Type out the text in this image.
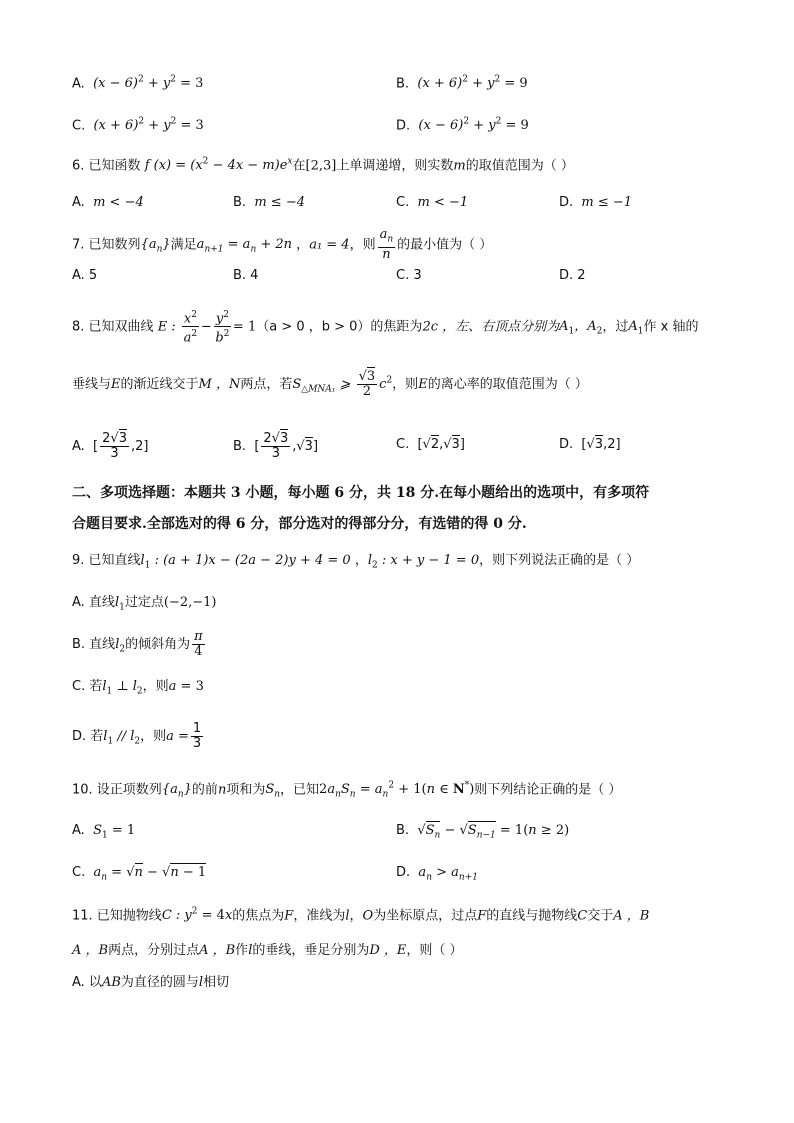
A. $(x - 6)^2 + y^2 = 3$	B. $(x + 6)^2 + y^2 = 9$
C. $(x + 6)^2 + y^2 = 3$	D. $(x - 6)^2 + y^2 = 9$
6. 已知函数 f $(x) = (x^2 - 4x - m)e^x$在[2,3]上单调递增，则实数m的取值范围为（ ）
A. m < −4	B. m ≤ −4	C. m < −1	D. m ≤ −1
7. 已知数列$\{a_n\}$满足$a_{n+1} = a_n + 2n$ ，a₁ = 4，则 $\frac{a_n}{n}$ 的最小值为（ ）
A. 5	B. 4	C. 3	D. 2
8. 已知双曲线 E : $\frac{x^2}{a^2} - \frac{y^2}{b^2} = 1(a > 0$ ，b > 0）的焦距为2c ，左、右顶点分别为$A_1$，$A_2$，过$A_1$作 x 轴的
垂线与E的渐近线交于M ，N两点，若$S_{\triangle MNA_1}$ ⩾ $\frac{√3}{2} c^2$，则E的离心率的取值范围为（ ）
A.  [ $\frac{2√3}{3} ,2$]	B.  [ $\frac{2√3}{3} ,√3$]	C.  [√2,√3]	D.  [√3,2]
二、多项选择题：本题共 3 小题，每小题 6 分，共 18 分.在每小题给出的选项中，有多项符
合题目要求.全部选对的得 6 分，部分选对的得部分分，有选错的得 0 分.
9. 已知直线$l_1$ : (a + 1)x − (2a − 2)y + 4 = 0 ，$l_2$ : x + y − 1 = 0，则下列说法正确的是（ ）
A. 直线$l_1$过定点(−2,−1)
B. 直线$l_2$的倾斜角为 $\frac{\pi}{4}$
C. 若$l_1$ ⊥ $l_2$，则a = 3
D. 若$l_1 // l_2$，则$a = \frac{1}{3}$
10. 设正项数列$\{a_n\}$的前n项和为$S_n$，已知$2a_nS_n = a_n^2 + 1(n$ ∈ N*)则下列结论正确的是（ ）
A. $S_1 = 1$	B. $√S_n - √S_{n-1} = 1(n \ge 2)$
C. $a_n = √n - √n - 1$	D. $a_n > a_{n+1}$
11. 已知抛物线C : $y^2 = 4x$的焦点为F，准线为l，O为坐标原点，过点F的直线与抛物线C交于A ，B
A ，B两点，分别过点A ，B作l的垂线，垂足分别为D ，E，则（ ）
A. 以AB为直径的圆与l相切
